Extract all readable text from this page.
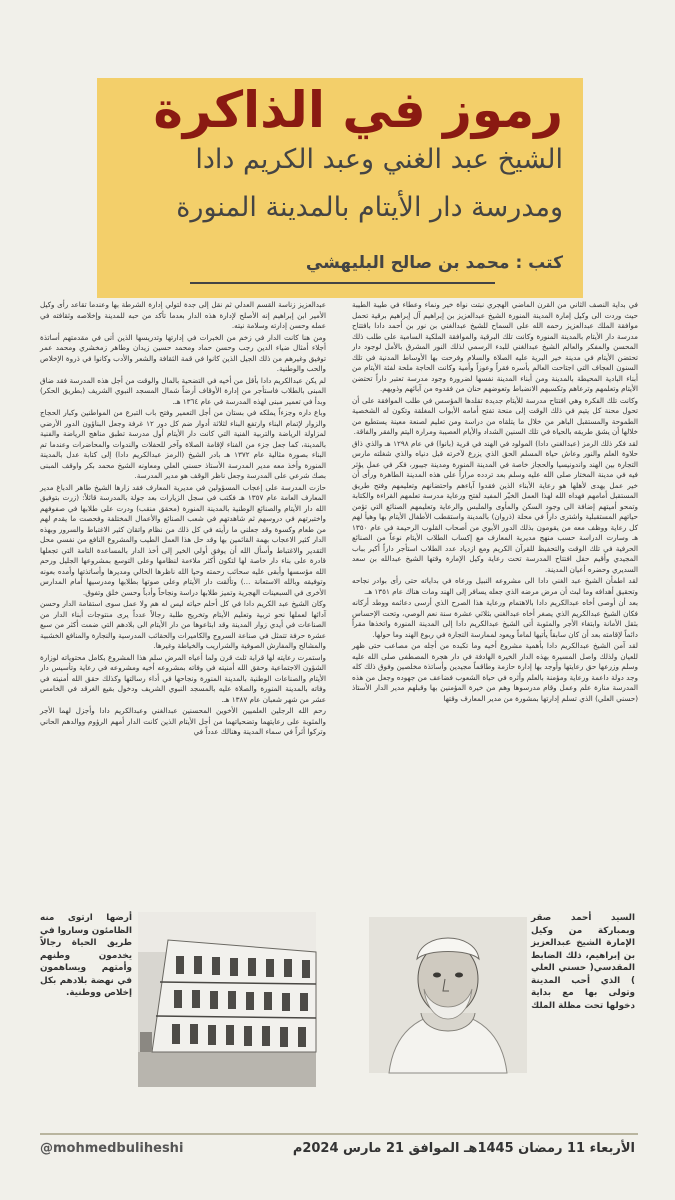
رموز في الذاكرة

الشيخ عبد الغني وعبد الكريم دادا

ومدرسة دار الأيتام بالمدينة المنورة

كتب : محمد بن صالح البليهشي

في بداية النصف الثاني من القرن الماضي الهجري نبتت نواة خير ونماء وعطاء في طيبة الطيبة حيث وردت الى وكيل إمارة المدينة المنورة الشيخ عبدالعزيز بن إبراهيم آل إبراهيم برقية تحمل موافقة الملك عبدالعزيز رحمه الله على السماح للشيخ عبدالغني بن نور بن أحمد دادا بافتتاح مدرسة دار الأيتام بالمدينة المنورة وكانت تلك البرقية والموافقة الملكية السامية على طلب ذلك المحسن والمفكر والعالم الشيخ عبدالغني للبدء الرسمي لذلك النور المشرق بالأمل لوجود دار تحتضن الأيتام في مدينة خير البرية عليه الصلاة والسلام وفرحت بها الأوساط المدنية في تلك السنون العجاف التي اجتاحت العالم بأسره فقراً وعوزاً وأمية وكانت الحاجة ملحة لفئة الأيتام من أبناء البادية المحيطة بالمدينة ومن أبناء المدينة نفسها لضرورة وجود مدرسة تعتبر داراً تحتضن الأيتام وتعلمهم وترعاهم وتكسبهم الانضباط وتعوضهم حنان من فقدوه من آبائهم وذويهم.

وكانت تلك الفكرة وهي افتتاح مدرسة للأيتام جديدة تقلدها المؤسس في طلب الموافقة على أن تحول محنة كل يتيم في ذلك الوقت إلى منحة تفتح أمامه الأبواب المغلقة وتكون له الشخصية الطموحة والمستقبل الباهر من خلال ما يتلقاه من دراسة ومن تعليم لصنعة معينة يستطيع من خلالها أن يشق طريقه بالحياة في تلك السنين الشداد والأيام العصيبة ومرارة اليتم والفقر والفاقة.

لقد فكر ذلك الرمز (عبدالغني دادا) المولود في الهند في قرية (بانوا) في عام ١٢٩٨ هـ والذي ذاق حلاوة العلم والنور وعاش حياة المسلم الحق الذي يزرع لآخرته قبل دنياه والذي شغلته مارس التجارة بين الهند واندونيسيا والحجاز خاصة في المدينة المنورة ومدينة جيبور، فكر في عمل يؤثر فيه في مدينة المختار صلى الله عليه وسلم بعد تردده مراراً على هذه المدينة الطاهرة ورأى أن خير عمل يهدى لأهلها هو رعاية الأبناء الذين فقدوا آباءهم واحتضانهم وتعليمهم وفتح طريق المستقبل أمامهم فهداه الله لهذا العمل الخيّر المفيد لفتح ورعاية مدرسة تعلمهم القراءة والكتابة وتمحو أميتهم إضافة الى وجود السكن والمأوى والملبس والرعاية وتعليمهم الصنائع التي تؤمن حياتهم المستقبلية واشترى داراً في محلة (ذروان) بالمدينة واستقطب الأطفال الأيتام بها وهيأ لهم كل رعاية ووظف معه من يقومون بذلك الدور الأبوي من أصحاب القلوب الرحيمة في عام ١٣٥٠ هـ وسارت الدراسة حسب منهج مديرية المعارف مع إكساب الطلاب الأيتام نوعاً من الصنائع الحرفية في تلك الوقت والتحفيظ للقرآن الكريم ومع ازدياد عدد الطلاب استأجر داراً أكبر بباب المجيدي وأقيم حفل افتتاح المدرسة تحت رعاية وكيل الإمارة وقتها الشيخ عبدالله بن سعد السديري وحضره أعيان المدينة.

لقد اطمأن الشيخ عبد الغني دادا الى مشروعه النبيل ورعاه في بداياته حتى رأى بوادر نجاحه وتحقيق أهدافه وما لبث أن مرض مرضه الذي جعله يسافر إلى الهند ومات هناك عام ١٣٥١ هـ.

بعد أن أوصى أخاه عبدالكريم دادا بالاهتمام ورعاية هذا الصرح الذي أرسى دعائمه ووطد أركانه فكان الشيخ عبدالكريم الذي يصغر أخاه عبدالغني بثلاثي عشرة سنة نعم الوصي، وتحت الإحساس بثقل الأمانة وابتغاء الأجر والمثوبة أتى الشيخ عبدالكريم دادا إلى المدينة المنورة واتخذها مقراً دائماً لإقامته بعد أن كان سابقاً يأتيها لماماً ويعود لممارسة التجارة في ربوع الهند وما حولها.

لقد آمن الشيخ عبدالكريم دادا بأهمية مشروع أخيه وما تكبده من أجله من مصاعب حتى ظهر للعيان ولذلك واصل المسيرة بهذه الدار الخيرة الهادفة في دار هجرة المصطفى صلى الله عليه وسلم وزرعها حق رعايتها وأوجد بها إدارة حازمة وطاقماً مجيدين وأساتذة مخلصين وفوق ذلك كله وجد دولة داعمة ورعاية ومؤمنة بالعلم وأثره في حياة الشعوب فضاعف من جهوده وجعل من هذه المدرسة منارة علم وعمل وقام مدرسوها وهم من خيرة المؤمنين بها وقبلهم مدير الدار الأستاذ (حسني العلي) الذي تسلم إدارتها بمشورة من مدير المعارف وقتها

عبدالعزيز زناسة القسم العدلي ثم نقل إلى جدة لتولي إدارة الشرطة بها وعندما تقاعد رأى وكيل الأمير ابن إبراهيم إنه الأصلح لإدارة هذه الدار بعدما تأكد من حبه للمدينة وإخلاصه وثقافته في عمله وحسن إدارته وسلامة نيته.

ومن هنا كانت الدار في زخم من الخبرات في إدارتها وتدريسها الذين أتى في مقدمتهم أساتذة أجلاء أمثال ضياء الدين رجب وحسن حماد ومحمد حسين زيدان وطاهر زمخشري ومحمد عمر توفيق وغيرهم من ذلك الجيل الذين كانوا في قمة الثقافة والشعر والأدب وكانوا في ذروة الإخلاص والحب والوطنية.

لم يكن عبدالكريم دادا بأقل من أخيه في التضحية بالمال والوقت من أجل هذه المدرسة فقد ضاق المبنى بالطلاب فاستأجر من إدارة الأوقاف أرضاً شمال المسجد النبوي الشريف (بطريق الحكر) وبدأ في تعمير مبنى لهذه المدرسة في عام ١٣٦٤ هـ.

وباع داره وجزءاً يملكه في بستان من أجل التعمير وفتح باب التبرع من المواطنين وكبار الحجاج والزوار لإتمام البناء وارتفع البناء لثلاثة أدوار ضم كل دور ١٢ غرفة وجعل البناؤون الدور الأرضي لمزاولة الرياضة والتربية الفنية التي كانت دار الأيتام أول مدرسة تطبق مناهج الرياضة والفنية بالمدينة، كما جعل جزء من الفناء لإقامة الصلاة وآخر للحفلات والندوات والمحاضرات وعندما تم البناء بصورة مثالية عام ١٣٧٢ هـ بادر الشيخ (الرمز عبدالكريم دادا) إلى كتابة عدل بالمدينة المنورة وأخذ معه مدير المدرسة الأستاذ حسني العلي ومعاونه الشيخ محمد بكر واوقف المبنى بصك شرعي على المدرسة وجعل ناظر الوقف هو مدير المدرسة.

حازت المدرسة على إعجاب المسؤولين في مديرية المعارف فقد زارها الشيخ طاهر الدباغ مدير المعارف العامة عام ١٣٥٧ هـ فكتب في سجل الزيارات بعد جولة بالمدرسة قائلاً: (زرت بتوفيق الله دار الأيتام والصنائع الوطنية بالمدينة المنورة (محقق منقب) ودرت على طلابها في صفوفهم واختبرتهم في دروسهم ثم شاهدتهم في شعب الصنائع والأعمال المختلفة وفحصت ما يقدم لهم من طعام وكسوة وقد جعلني ما رأيته في كل ذلك من نظام واتقان كثير الاغتباط والسرور وبهذه الدار كثير الاعجاب بهمة القائمين بها وقد حل هذا العمل الطيب والمشروع النافع من نفسي محل التقدير والاغتباط وأسأل الله أن يوفق أولي الخير إلى أخذ الدار بالمساعدة التامة التي تجعلها قادرة على بناء دار خاصة لها لتكون أكثر ملاءمة لنظامها وعلى التوسع بمشروعها الجليل ورحم الله مؤسسها وأبقى عليه سحائب رحمته وحيا الله ناظرها الحالي ومديرها وأساتذتها وأمده بعونه وتوفيقه وبالله الاستعانة ...) وتألقت دار الأيتام وعلى صوتها بطلابها ومدرسيها أمام المدارس الأخرى في السبعينات الهجرية وتميز طلابها دراسة ونجاحاً وأدباً وحسن خلق وتفوق.

وكان الشيخ عبد الكريم دادا في كل أحلم حياته ليس له هم ولا عمل سوى استقامة الدار وحسن آدائها لعملها نحو تربية وتعليم الأيتام وتخريج طلبة رجالاً عدداً يرى منتوجات أبناء الدار من الصناعات في أيدي زوار المدينة وقد ابتاعوها من دار الأيتام الى بلادهم التي ضمت أكثر من سبع عشرة حرفة تتمثل في صناعة السروج والكاميرات والحقائب المدرسية والنجارة والمنافع الخشبية والمشالح والمفارش الصوفية والشراريب والخياطة وغيرها.

واستمرت رعايته لها قرابة ثلث قرن ولما أعياه المرض سلم هذا المشروع بكامل محتوياته لوزارة الشؤون الاجتماعية وحقق الله أمنيته في وفاته بمشروعه أخيه ومشروعه في رعاية وتأسيس دار الأيتام والصناعات الوطنية بالمدينة المنورة ونجاحها في أداء رسالتها وكذلك حقق الله أمنيته في وفاته بالمدينة المنورة والصلاة عليه بالمسجد النبوي الشريف ودخول بقيع الغرقد في الخامس عشر من شهر شعبان عام ١٣٨٧ هـ.

رحم الله الرجلين العلميين الأخوين المحسنين عبدالغني وعبدالكريم دادا وأجزل لهما الأجر والمثوبة على رعايتهما وتضحياتهما من أجل الأيتام الذين كانت الدار أمهم الرؤوم ووالدهم الحاني وتركوا أثراً في سماء المدينة وهنالك عدداً في

السيد أحمد صقر وبمباركة من وكيل الإمارة الشيخ عبدالعزيز بن إبراهيم، ذلك الضابط المقدسي( حسني العلي ) الذي أحب المدينة وتولى بها مع بداية دخولها تحت مظلة الملك
أرضها ارتوى منه الظامئون وساروا في طريق الحياة رجالاً يخدمون وطنهم وأمتهم ويساهمون في نهضة بلادهم بكل إخلاص ووطنية.
الأربعاء 11 رمضان 1445هـ الموافق 21 مارس 2024م
@mohmedbuliheshi
